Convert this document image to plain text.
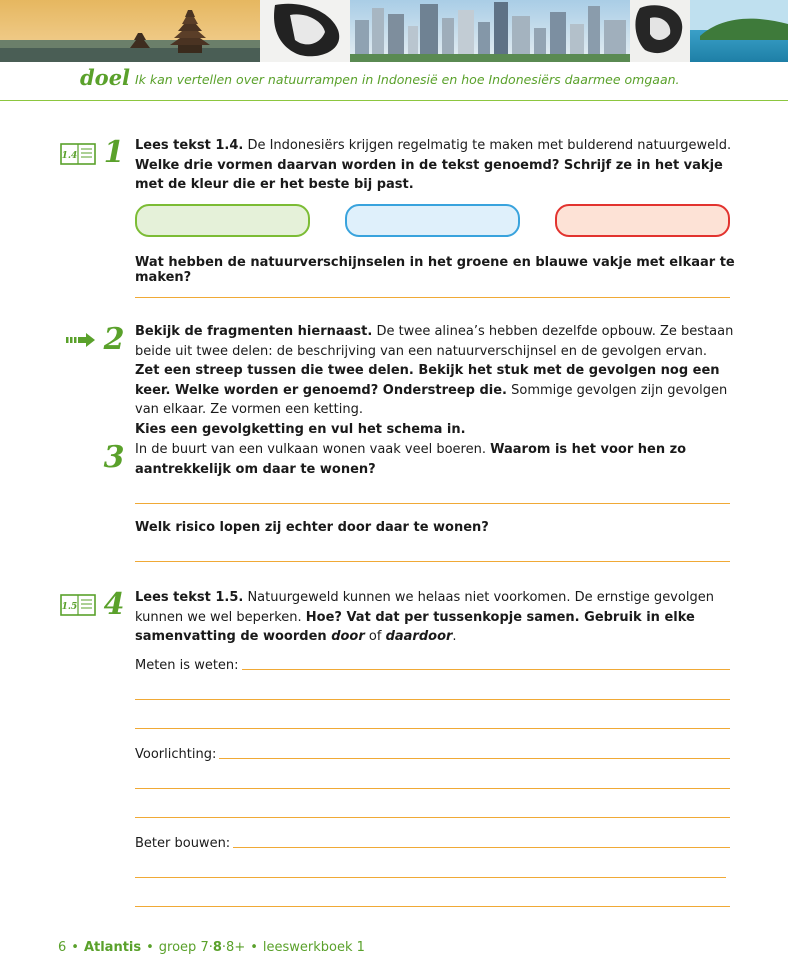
doel Ik kan vertellen over natuurrampen in Indonesië en hoe Indonesiërs daarmee omgaan.
1.4 1 Lees tekst 1.4. De Indonesiërs krijgen regelmatig te maken met bulderend natuurgeweld. Welke drie vormen daarvan worden in de tekst genoemd? Schrijf ze in het vakje met de kleur die er het beste bij past.
Wat hebben de natuurverschijnselen in het groene en blauwe vakje met elkaar te maken?
2 Bekijk de fragmenten hiernaast. De twee alinea’s hebben dezelfde opbouw. Ze bestaan beide uit twee delen: de beschrijving van een natuurverschijnsel en de gevolgen ervan. Zet een streep tussen die twee delen. Bekijk het stuk met de gevolgen nog een keer. Welke worden er genoemd? Onderstreep die. Sommige gevolgen zijn gevolgen van elkaar. Ze vormen een ketting.
Kies een gevolgketting en vul het schema in.
3 In de buurt van een vulkaan wonen vaak veel boeren. Waarom is het voor hen zo aantrekkelijk om daar te wonen?
Welk risico lopen zij echter door daar te wonen?
1.5 4 Lees tekst 1.5. Natuurgeweld kunnen we helaas niet voorkomen. De ernstige gevolgen kunnen we wel beperken. Hoe? Vat dat per tussenkopje samen. Gebruik in elke samenvatting de woorden door of daardoor.
Meten is weten:
Voorlichting:
Beter bouwen:
6 • Atlantis • groep 7·8·8+ • leeswerkboek 1
